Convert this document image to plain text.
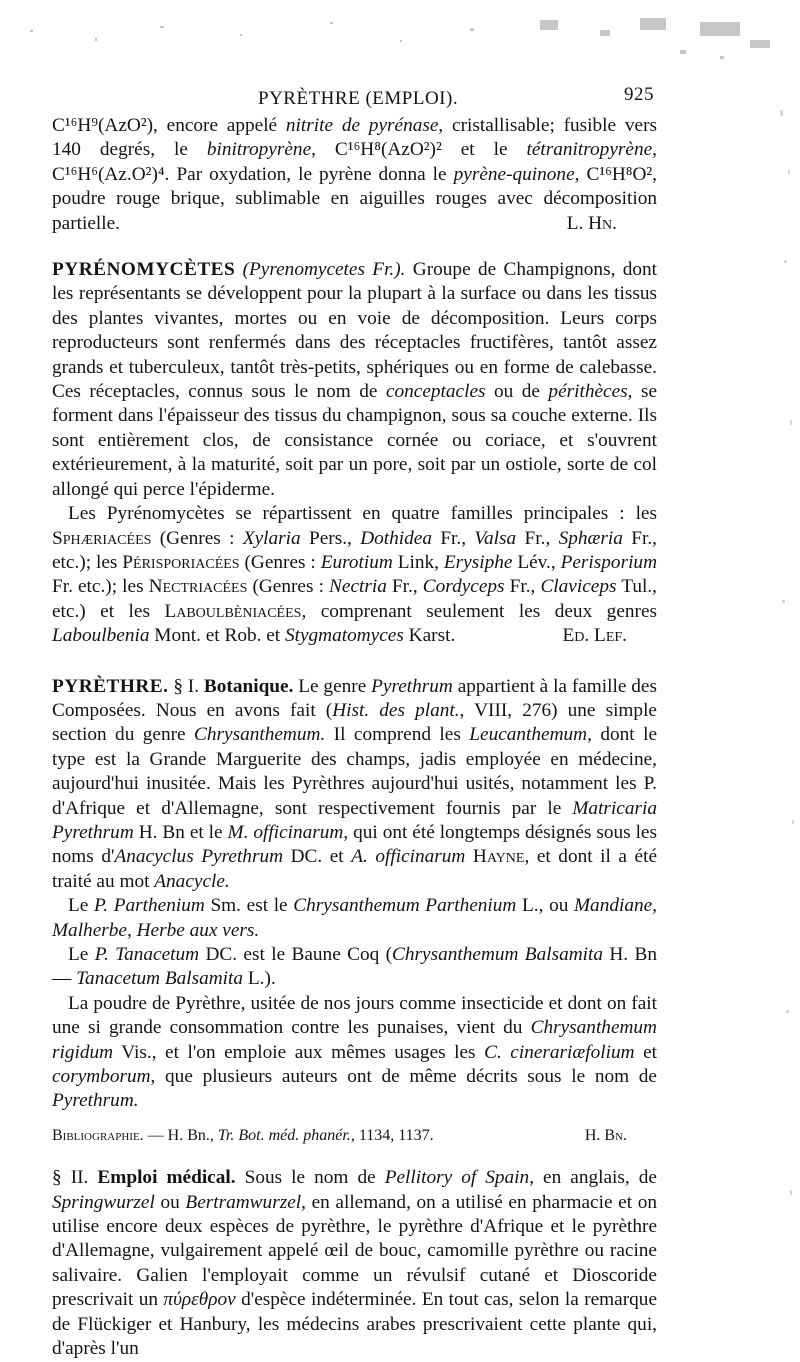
PYRÈTHRE (EMPLOI).	925

C¹⁶H⁹(AzO²), encore appelé nitrite de pyrénase, cristallisable; fusible vers 140 degrés, le binitropyrène, C¹⁶H⁸(AzO²)² et le tétranitropyrène, C¹⁶H⁶(Az.O²)⁴. Par oxydation, le pyrène donna le pyrène-quinone, C¹⁶H⁸O², poudre rouge brique, sublimable en aiguilles rouges avec décomposition partielle.	L. Hn.

PYRÉNOMYCÈTES (Pyrenomycetes Fr.). Groupe de Champignons, dont les représentants se développent pour la plupart à la surface ou dans les tissus des plantes vivantes, mortes ou en voie de décomposition. Leurs corps reproducteurs sont renfermés dans des réceptacles fructifères, tantôt assez grands et tuberculeux, tantôt très-petits, sphériques ou en forme de calebasse. Ces réceptacles, connus sous le nom de conceptacles ou de périthèces, se forment dans l'épaisseur des tissus du champignon, sous sa couche externe. Ils sont entièrement clos, de consistance cornée ou coriace, et s'ouvrent extérieurement, à la maturité, soit par un pore, soit par un ostiole, sorte de col allongé qui perce l'épiderme.

Les Pyrénomycètes se répartissent en quatre familles principales : les Sphæriacées (Genres : Xylaria Pers., Dothidea Fr., Valsa Fr., Sphæria Fr., etc.); les Périsporiacées (Genres : Eurotium Link, Erysiphe Lév., Perisporium Fr. etc.); les Nectriacées (Genres : Nectria Fr., Cordyceps Fr., Claviceps Tul., etc.) et les Laboulbèniacées, comprenant seulement les deux genres Laboulbenia Mont. et Rob. et Stygmatomyces Karst.	Ed. Lef.

PYRÈTHRE. § I. Botanique. Le genre Pyrethrum appartient à la famille des Composées. Nous en avons fait (Hist. des plant., VIII, 276) une simple section du genre Chrysanthemum. Il comprend les Leucanthemum, dont le type est la Grande Marguerite des champs, jadis employée en médecine, aujourd'hui inusitée. Mais les Pyrèthres aujourd'hui usités, notamment les P. d'Afrique et d'Allemagne, sont respectivement fournis par le Matricaria Pyrethrum H. Bn et le M. officinarum, qui ont été longtemps désignés sous les noms d'Anacyclus Pyrethrum DC. et A. officinarum Hayne, et dont il a été traité au mot Anacycle.

Le P. Parthenium Sm. est le Chrysanthemum Parthenium L., ou Mandiane, Malherbe, Herbe aux vers.

Le P. Tanacetum DC. est le Baune Coq (Chrysanthemum Balsamita H. Bn — Tanacetum Balsamita L.).

La poudre de Pyrèthre, usitée de nos jours comme insecticide et dont on fait une si grande consommation contre les punaises, vient du Chrysanthemum rigidum Vis., et l'on emploie aux mêmes usages les C. cinerariæfolium et corymborum, que plusieurs auteurs ont de même décrits sous le nom de Pyrethrum.

Bibliographie. — H. Bn., Tr. Bot. méd. phanér., 1134, 1137.	H. Bn.

§ II. Emploi médical. Sous le nom de Pellitory of Spain, en anglais, de Springwurzel ou Bertramwurzel, en allemand, on a utilisé en pharmacie et on utilise encore deux espèces de pyrèthre, le pyrèthre d'Afrique et le pyrèthre d'Allemagne, vulgairement appelé œil de bouc, camomille pyrèthre ou racine salivaire. Galien l'employait comme un révulsif cutané et Dioscoride prescrivait un πύρεθρον d'espèce indéterminée. En tout cas, selon la remarque de Flückiger et Hanbury, les médecins arabes prescrivaient cette plante qui, d'après l'un
